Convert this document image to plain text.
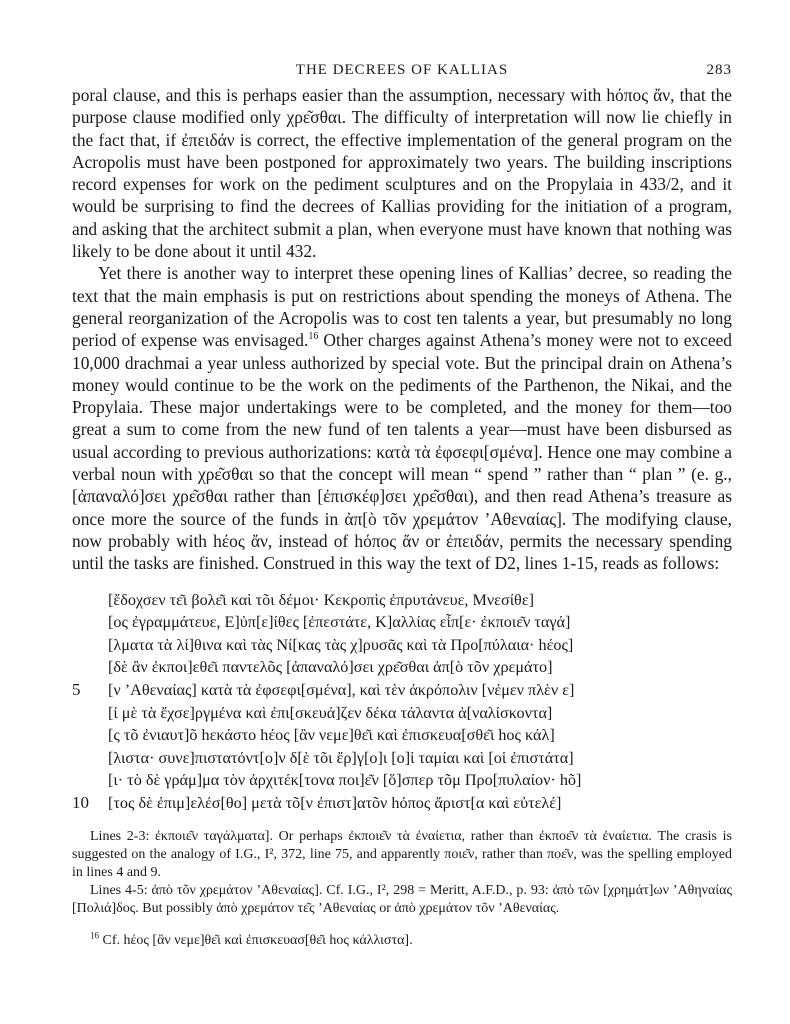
THE DECREES OF KALLIAS	283

poral clause, and this is perhaps easier than the assumption, necessary with hόπος ἄν, that the purpose clause modified only χρε͂σθαι. The difficulty of interpretation will now lie chiefly in the fact that, if ἐπειδάν is correct, the effective implementation of the general program on the Acropolis must have been postponed for approximately two years. The building inscriptions record expenses for work on the pediment sculptures and on the Propylaia in 433/2, and it would be surprising to find the decrees of Kallias providing for the initiation of a program, and asking that the architect submit a plan, when everyone must have known that nothing was likely to be done about it until 432.

Yet there is another way to interpret these opening lines of Kallias’ decree, so reading the text that the main emphasis is put on restrictions about spending the moneys of Athena. The general reorganization of the Acropolis was to cost ten talents a year, but presumably no long period of expense was envisaged.$^{16}$ Other charges against Athena’s money were not to exceed 10,000 drachmai a year unless authorized by special vote. But the principal drain on Athena’s money would continue to be the work on the pediments of the Parthenon, the Nikai, and the Propylaia. These major undertakings were to be completed, and the money for them—too great a sum to come from the new fund of ten talents a year—must have been disbursed as usual according to previous authorizations: κατὰ τὰ ἐφσεφι[σμένα]. Hence one may combine a verbal noun with χρε͂σθαι so that the concept will mean “ spend ” rather than “ plan ” (e. g., [ἀπαναλό]σει χρε͂σθαι rather than [ἐπισκέφ]σει χρε͂σθαι), and then read Athena’s treasure as once more the source of the funds in ἀπ[ὸ τõν χρεμάτον ’Αθεναίας]. The modifying clause, now probably with hέος ἄν, instead of hόπος ἄν or ἐπειδάν, permits the necessary spending until the tasks are finished. Construed in this way the text of D2, lines 1-15, reads as follows:

[ἔδοχσεν τε͂ι βολε͂ι καὶ τõι δέμοι· Κεκροπὶς ἐπρυτάνευε, Μνεσίθε]
[ος ἐγραμμάτευε, Ε]ὐπ[ε]ίθες [ἐπεστάτε, Κ]αλλίας εἶπ[ε· ἐκποιε͂ν ταγά]
[λματα τὰ λί]θινα καὶ τὰς Νί[κας τὰς χ]ρυσᾶς καὶ τὰ Προ[πύλαια· hέος]
[δὲ ἂν ἐκποι]εθε͂ι παντελõς [ἀπαναλό]σει χρε͂σθαι ἀπ[ὸ τõν χρεμάτο]
5	[ν ’Αθεναίας] κατὰ τὰ ἐφσεφι[σμένα], καὶ τὲν ἀκρόπολιν [νέμεν πλὲν ε]
[ἰ μὲ τὰ ἔχσε]ργμένα καὶ ἐπι[σκευά]ζεν δέκα τάλαντα ἀ[ναλίσκοντα]
[ς τõ ἐνιαυτ]õ hεκάστο hέος [ἂν νεμε]θε͂ι καὶ ἐπισκευα[σθε͂ι hος κάλ]
[λιστα· συνε]πιστατόντ[ο]ν δ[ὲ τõι ἔρ]γ[ο]ι [ο]ἱ ταμίαι καὶ [οἱ ἐπιστάτα]
[ι· τὸ δὲ γράμ]μα τὸν ἀρχιτέκ[τονα ποι]ε͂ν [ὅ]σπερ τõμ Προ[πυλαίον· hõ]
10	[τος δὲ ἐπιμ]ελέσ[θο] μετὰ τõ[ν ἐπιστ]ατõν hόπος ἄριστ[α καὶ εὐτελέ]

Lines 2-3: ἐκποιε͂ν ταγάλματα]. Or perhaps ἐκποιε͂ν τὰ ἐναίετια, rather than ἐκποε͂ν τὰ ἐναίετια. The crasis is suggested on the analogy of I.G., I², 372, line 75, and apparently ποιε͂ν, rather than ποε͂ν, was the spelling employed in lines 4 and 9.

Lines 4-5: ἀπὸ τõν χρεμάτον ’Αθεναίας]. Cf. I.G., I², 298 = Meritt, A.F.D., p. 93: ἀπὸ τῶν [χρημάτ]ων ’Αθηναίας [Πολιά]δος. But possibly ἀπὸ χρεμάτον τε͂ς ’Αθεναίας or ἀπὸ χρεμάτον τõν ’Αθεναίας.

$^{16}$ Cf. hέος [ἂν νεμε]θε͂ι καὶ ἐπισκευασ[θε͂ι hος κάλλιστα].
